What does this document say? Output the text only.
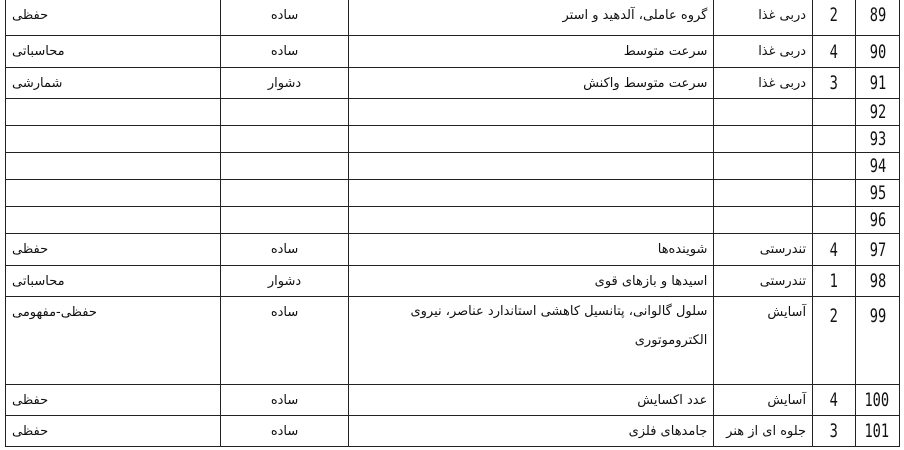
89	2	دربی غذا	گروه عاملی، آلدهید و استر	ساده	حفظی
90	4	دربی غذا	سرعت متوسط	ساده	محاسباتی
91	3	دربی غذا	سرعت متوسط واکنش	دشوار	شمارشی
92					
93					
94					
95					
96					
97	4	تندرستی	شوینده‌ها	ساده	حفظی
98	1	تندرستی	اسیدها و بازهای قوی	دشوار	محاسباتی
99	2	آسایش	سلول گالوانی، پتانسیل کاهشی استاندارد عناصر، نیروی الکتروموتوری	ساده	حفظی-مفهومی
100	4	آسایش	عدد اکسایش	ساده	حفظی
101	3	جلوه ای از هنر	جامدهای فلزی	ساده	حفظی
